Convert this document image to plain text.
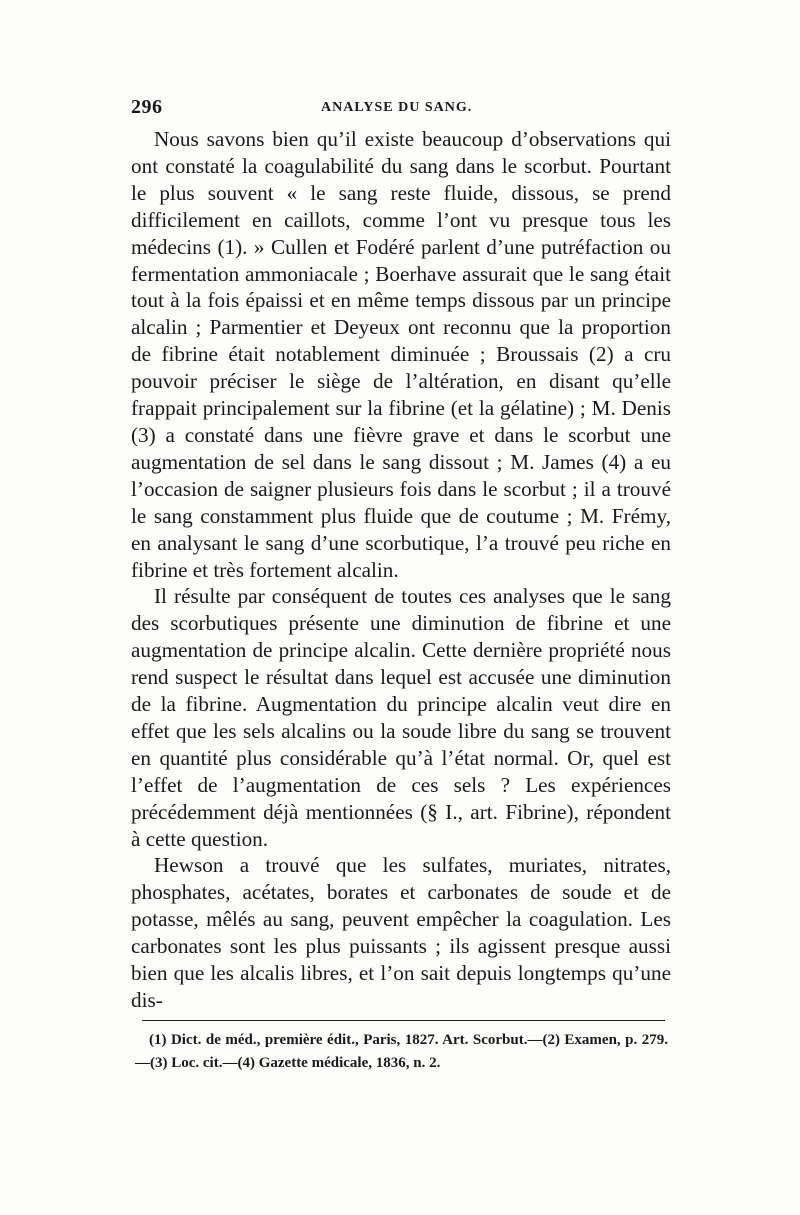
296	ANALYSE DU SANG.

Nous savons bien qu’il existe beaucoup d’observations qui ont constaté la coagulabilité du sang dans le scorbut. Pourtant le plus souvent « le sang reste fluide, dissous, se prend difficilement en caillots, comme l’ont vu presque tous les médecins (1). » Cullen et Fodéré parlent d’une putréfaction ou fermentation ammoniacale ; Boerhave assurait que le sang était tout à la fois épaissi et en même temps dissous par un principe alcalin ; Parmentier et Deyeux ont reconnu que la proportion de fibrine était notablement diminuée ; Broussais (2) a cru pouvoir préciser le siège de l’altération, en disant qu’elle frappait principalement sur la fibrine (et la gélatine) ; M. Denis (3) a constaté dans une fièvre grave et dans le scorbut une augmentation de sel dans le sang dissout ; M. James (4) a eu l’occasion de saigner plusieurs fois dans le scorbut ; il a trouvé le sang constamment plus fluide que de coutume ; M. Frémy, en analysant le sang d’une scorbutique, l’a trouvé peu riche en fibrine et très fortement alcalin.

Il résulte par conséquent de toutes ces analyses que le sang des scorbutiques présente une diminution de fibrine et une augmentation de principe alcalin. Cette dernière propriété nous rend suspect le résultat dans lequel est accusée une diminution de la fibrine. Augmentation du principe alcalin veut dire en effet que les sels alcalins ou la soude libre du sang se trouvent en quantité plus considérable qu’à l’état normal. Or, quel est l’effet de l’augmentation de ces sels ? Les expériences précédemment déjà mentionnées (§ I., art. Fibrine), répondent à cette question.

Hewson a trouvé que les sulfates, muriates, nitrates, phosphates, acétates, borates et carbonates de soude et de potasse, mêlés au sang, peuvent empêcher la coagulation. Les carbonates sont les plus puissants ; ils agissent presque aussi bien que les alcalis libres, et l’on sait depuis longtemps qu’une dis-

(1) Dict. de méd., première édit., Paris, 1827. Art. Scorbut.—(2) Examen, p. 279.—(3) Loc. cit.—(4) Gazette médicale, 1836, n. 2.
